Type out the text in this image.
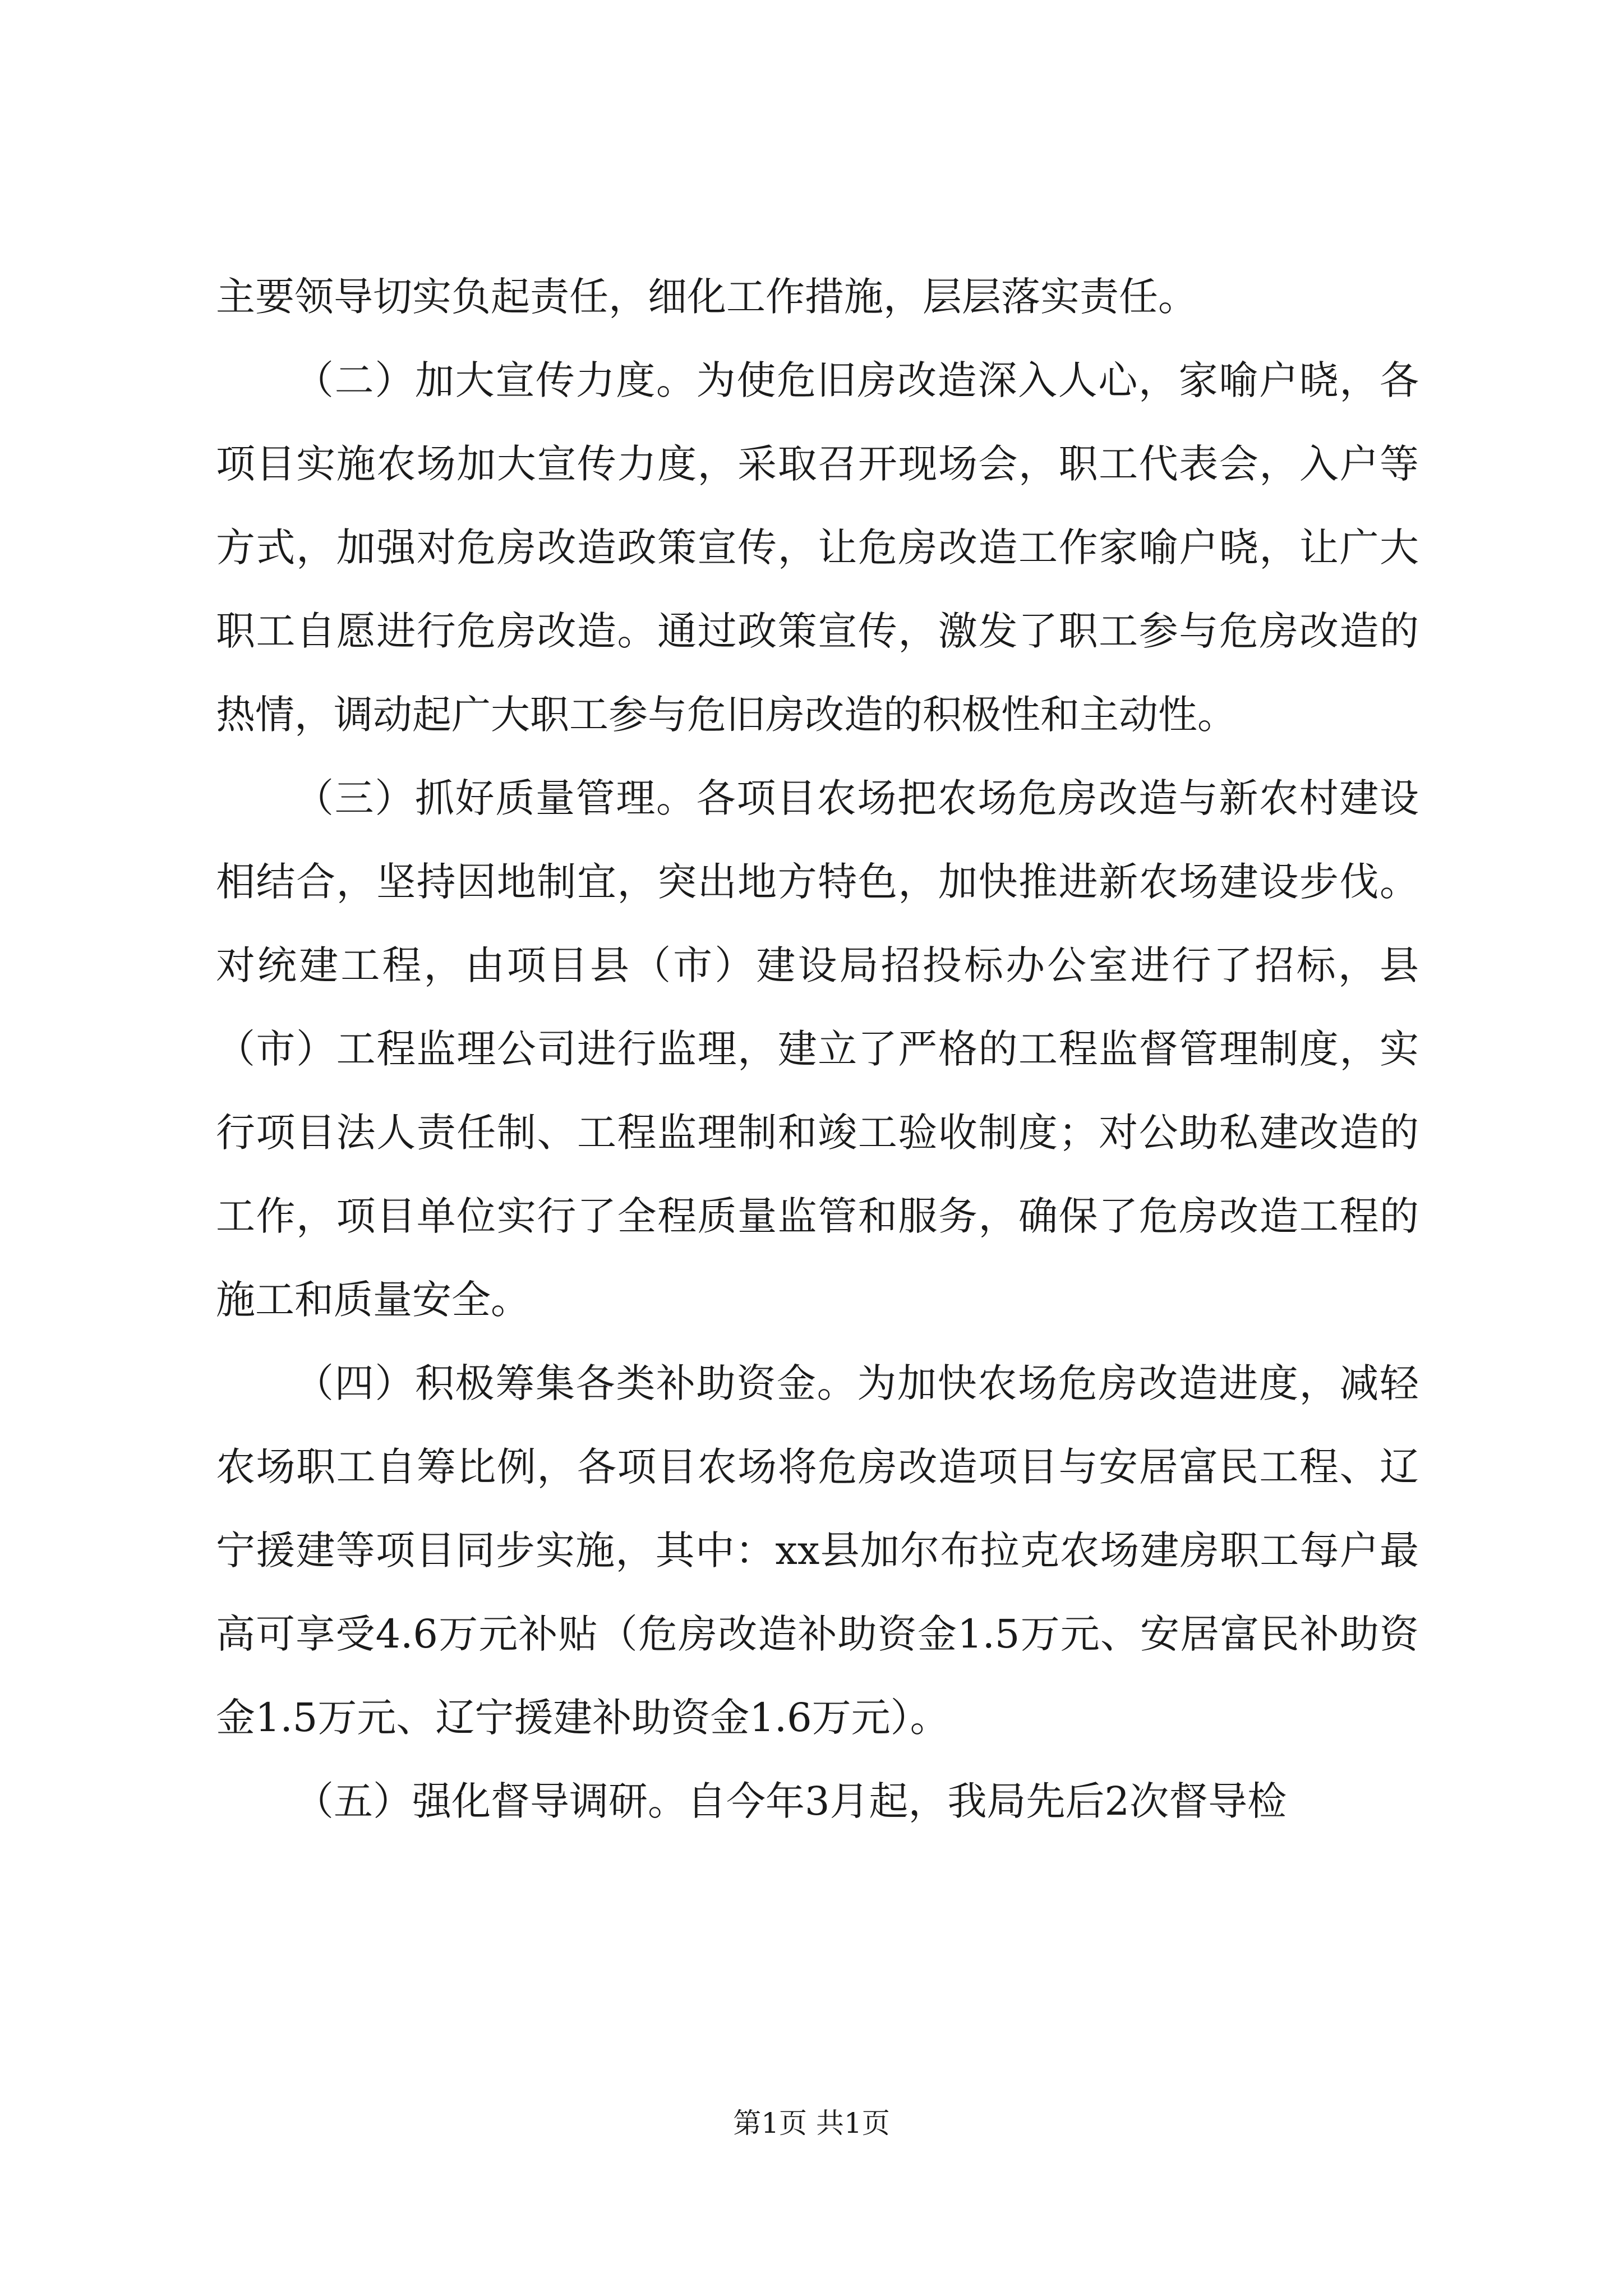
主要领导切实负起责任，细化工作措施，层层落实责任。

（二）加大宣传力度。为使危旧房改造深入人心，家喻户晓，各项目实施农场加大宣传力度，采取召开现场会，职工代表会，入户等方式，加强对危房改造政策宣传，让危房改造工作家喻户晓，让广大职工自愿进行危房改造。通过政策宣传，激发了职工参与危房改造的热情，调动起广大职工参与危旧房改造的积极性和主动性。

（三）抓好质量管理。各项目农场把农场危房改造与新农村建设相结合，坚持因地制宜，突出地方特色，加快推进新农场建设步伐。对统建工程，由项目县（市）建设局招投标办公室进行了招标，县（市）工程监理公司进行监理，建立了严格的工程监督管理制度，实行项目法人责任制、工程监理制和竣工验收制度；对公助私建改造的工作，项目单位实行了全程质量监管和服务，确保了危房改造工程的施工和质量安全。

（四）积极筹集各类补助资金。为加快农场危房改造进度，减轻农场职工自筹比例，各项目农场将危房改造项目与安居富民工程、辽宁援建等项目同步实施，其中：xx县加尔布拉克农场建房职工每户最高可享受4.6万元补贴（危房改造补助资金1.5万元、安居富民补助资金1.5万元、辽宁援建补助资金1.6万元）。

（五）强化督导调研。自今年3月起，我局先后2次督导检

第1页 共1页
